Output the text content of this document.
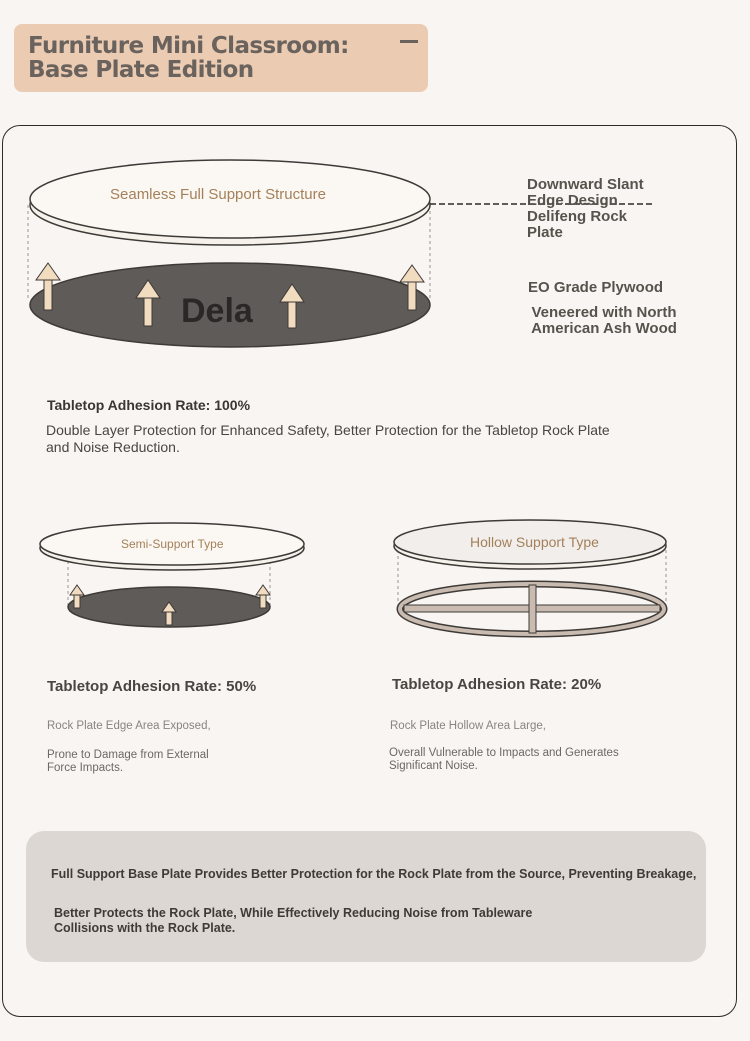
Furniture Mini Classroom: Base Plate Edition
Seamless Full Support Structure
Dela
Downward Slant Edge Design
Delifeng Rock Plate
EO Grade Plywood
Veneered with North American Ash Wood
Tabletop Adhesion Rate: 100%
Double Layer Protection for Enhanced Safety, Better Protection for the Tabletop Rock Plate and Noise Reduction.
Semi-Support Type	Hollow Support Type
Tabletop Adhesion Rate: 50%
Rock Plate Edge Area Exposed,
Prone to Damage from External Force Impacts.
Tabletop Adhesion Rate: 20%
Rock Plate Hollow Area Large,
Overall Vulnerable to Impacts and Generates Significant Noise.
Full Support Base Plate Provides Better Protection for the Rock Plate from the Source, Preventing Breakage,
Better Protects the Rock Plate, While Effectively Reducing Noise from Tableware Collisions with the Rock Plate.
